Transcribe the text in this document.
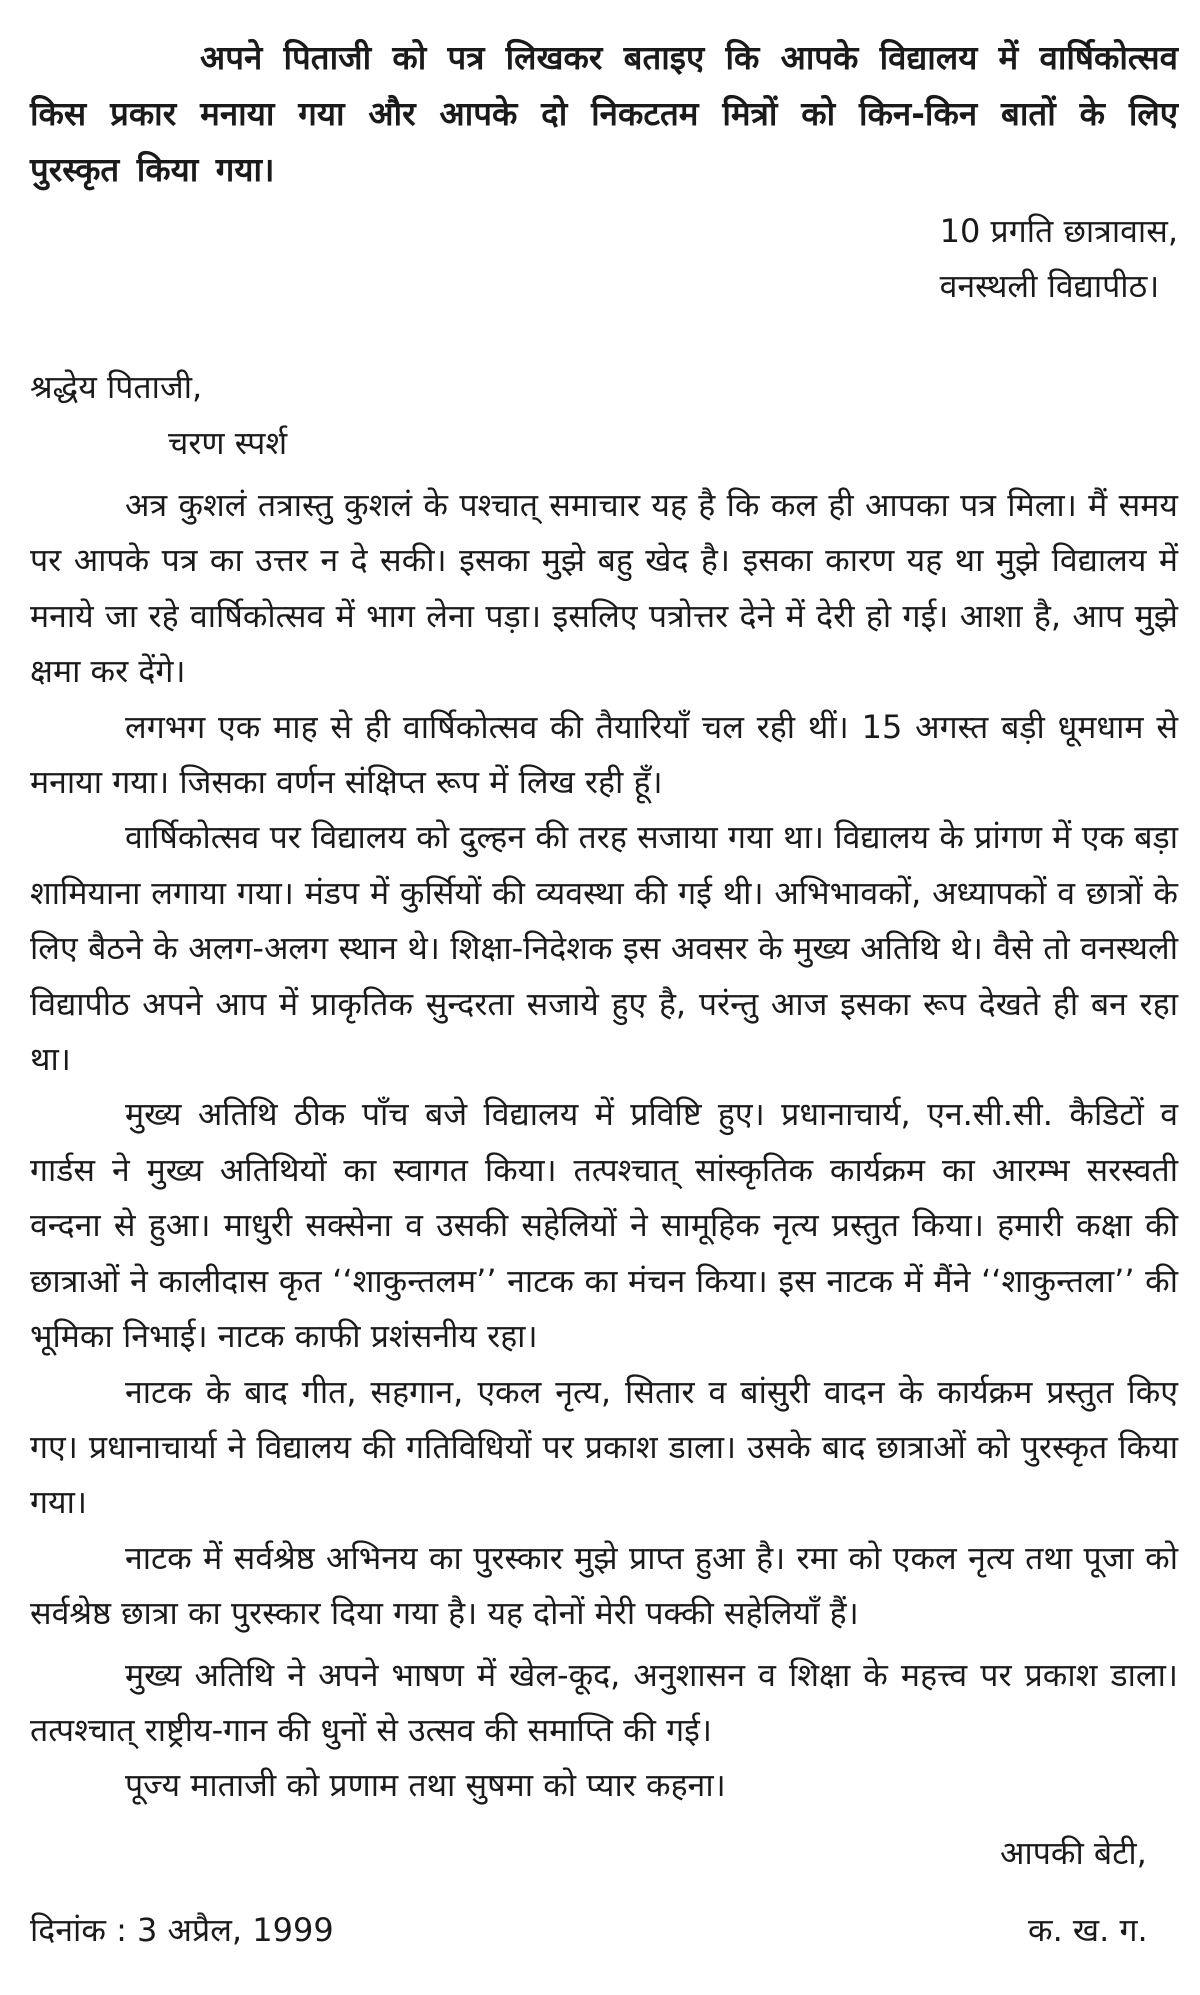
अपने पिताजी को पत्र लिखकर बताइए कि आपके विद्यालय में वार्षिकोत्सव किस प्रकार मनाया गया और आपके दो निकटतम मित्रों को किन-किन बातों के लिए पुरस्कृत किया गया।

10 प्रगति छात्रावास,
वनस्थली विद्यापीठ।
श्रद्धेय पिताजी,
चरण स्पर्श

अत्र कुशलं तत्रास्तु कुशलं के पश्चात् समाचार यह है कि कल ही आपका पत्र मिला। मैं समय पर आपके पत्र का उत्तर न दे सकी। इसका मुझे बहु खेद है। इसका कारण यह था मुझे विद्यालय में मनाये जा रहे वार्षिकोत्सव में भाग लेना पड़ा। इसलिए पत्रोत्तर देने में देरी हो गई। आशा है, आप मुझे क्षमा कर देंगे।

लगभग एक माह से ही वार्षिकोत्सव की तैयारियाँ चल रही थीं। 15 अगस्त बड़ी धूमधाम से मनाया गया। जिसका वर्णन संक्षिप्त रूप में लिख रही हूँ।

वार्षिकोत्सव पर विद्यालय को दुल्हन की तरह सजाया गया था। विद्यालय के प्रांगण में एक बड़ा शामियाना लगाया गया। मंडप में कुर्सियों की व्यवस्था की गई थी। अभिभावकों, अध्यापकों व छात्रों के लिए बैठने के अलग-अलग स्थान थे। शिक्षा-निदेशक इस अवसर के मुख्य अतिथि थे। वैसे तो वनस्थली विद्यापीठ अपने आप में प्राकृतिक सुन्दरता सजाये हुए है, परंन्तु आज इसका रूप देखते ही बन रहा था।

मुख्य अतिथि ठीक पाँच बजे विद्यालय में प्रविष्टि हुए। प्रधानाचार्य, एन.सी.सी. कैडिटों व गार्डस ने मुख्य अतिथियों का स्वागत किया। तत्पश्चात् सांस्कृतिक कार्यक्रम का आरम्भ सरस्वती वन्दना से हुआ। माधुरी सक्सेना व उसकी सहेलियों ने सामूहिक नृत्य प्रस्तुत किया। हमारी कक्षा की छात्राओं ने कालीदास कृत ‘‘शाकुन्तलम’’ नाटक का मंचन किया। इस नाटक में मैंने ‘‘शाकुन्तला’’ की भूमिका निभाई। नाटक काफी प्रशंसनीय रहा।

नाटक के बाद गीत, सहगान, एकल नृत्य, सितार व बांसुरी वादन के कार्यक्रम प्रस्तुत किए गए। प्रधानाचार्या ने विद्यालय की गतिविधियों पर प्रकाश डाला। उसके बाद छात्राओं को पुरस्कृत किया गया।

नाटक में सर्वश्रेष्ठ अभिनय का पुरस्कार मुझे प्राप्त हुआ है। रमा को एकल नृत्य तथा पूजा को सर्वश्रेष्ठ छात्रा का पुरस्कार दिया गया है। यह दोनों मेरी पक्की सहेलियाँ हैं।

मुख्य अतिथि ने अपने भाषण में खेल-कूद, अनुशासन व शिक्षा के महत्त्व पर प्रकाश डाला। तत्पश्चात् राष्ट्रीय-गान की धुनों से उत्सव की समाप्ति की गई।

पूज्य माताजी को प्रणाम तथा सुषमा को प्यार कहना।

आपकी बेटी,
दिनांक : 3 अप्रैल, 1999	क. ख. ग.
